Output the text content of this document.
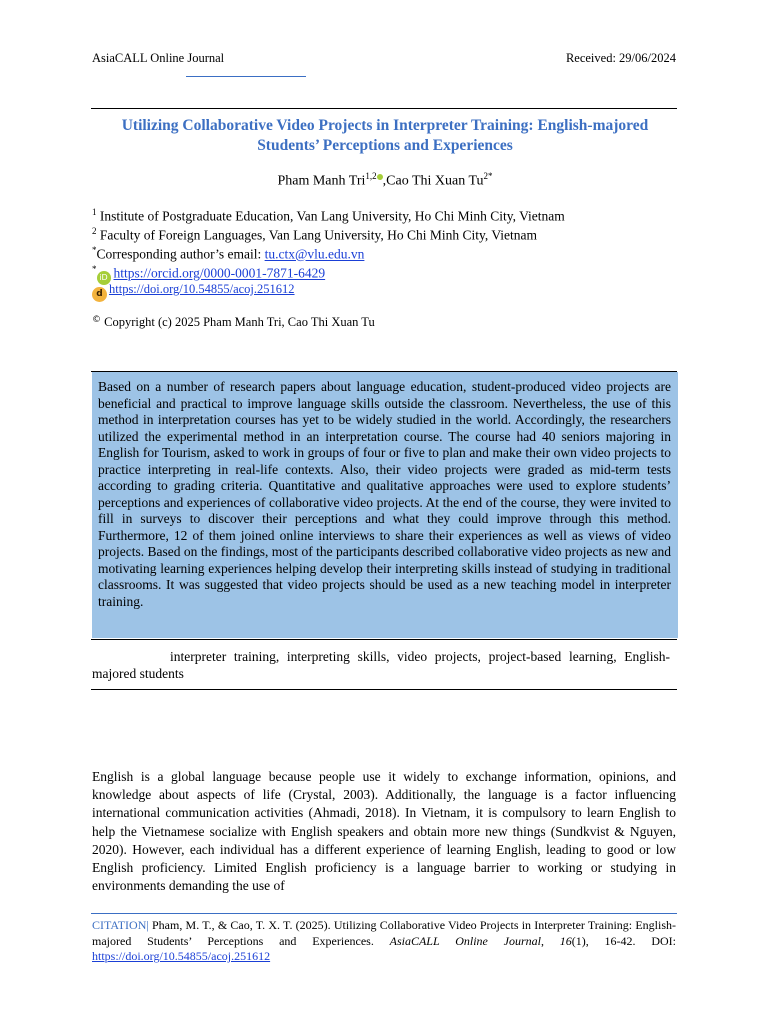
AsiaCALL Online Journal	Received: 29/06/2024
Utilizing Collaborative Video Projects in Interpreter Training: English-majored Students’ Perceptions and Experiences
Pham Manh Tri$^{1,2}$ ,Cao Thi Xuan $Tu^{2*}$
$^1$ Institute of Postgraduate Education, Van Lang University, Ho Chi Minh City, Vietnam
$^2$ Faculty of Foreign Languages, Van Lang University, Ho Chi Minh City, Vietnam
*Corresponding author’s email: tu.ctx@vlu.edu.vn
*iD https://orcid.org/0000-0001-7871-6429
d https://doi.org/10.54855/acoj.251612
© Copyright (c) 2025 Pham Manh Tri, Cao Thi Xuan Tu
Based on a number of research papers about language education, student-produced video projects are beneficial and practical to improve language skills outside the classroom. Nevertheless, the use of this method in interpretation courses has yet to be widely studied in the world. Accordingly, the researchers utilized the experimental method in an interpretation course. The course had 40 seniors majoring in English for Tourism, asked to work in groups of four or five to plan and make their own video projects to practice interpreting in real-life contexts. Also, their video projects were graded as mid-term tests according to grading criteria. Quantitative and qualitative approaches were used to explore students’ perceptions and experiences of collaborative video projects. At the end of the course, they were invited to fill in surveys to discover their perceptions and what they could improve through this method. Furthermore, 12 of them joined online interviews to share their experiences as well as views of video projects. Based on the findings, most of the participants described collaborative video projects as new and motivating learning experiences helping develop their interpreting skills instead of studying in traditional classrooms. It was suggested that video projects should be used as a new teaching model in interpreter training.
interpreter training, interpreting skills, video projects, project-based learning, English-majored students
English is a global language because people use it widely to exchange information, opinions, and knowledge about aspects of life (Crystal, 2003). Additionally, the language is a factor influencing international communication activities (Ahmadi, 2018). In Vietnam, it is compulsory to learn English to help the Vietnamese socialize with English speakers and obtain more new things (Sundkvist & Nguyen, 2020). However, each individual has a different experience of learning English, leading to good or low English proficiency. Limited English proficiency is a language barrier to working or studying in environments demanding the use of
CITATION| Pham, M. T., & Cao, T. X. T. (2025). Utilizing Collaborative Video Projects in Interpreter Training: English-majored Students’ Perceptions and Experiences. AsiaCALL Online Journal, 16(1), 16-42. DOI: https://doi.org/10.54855/acoj.251612
